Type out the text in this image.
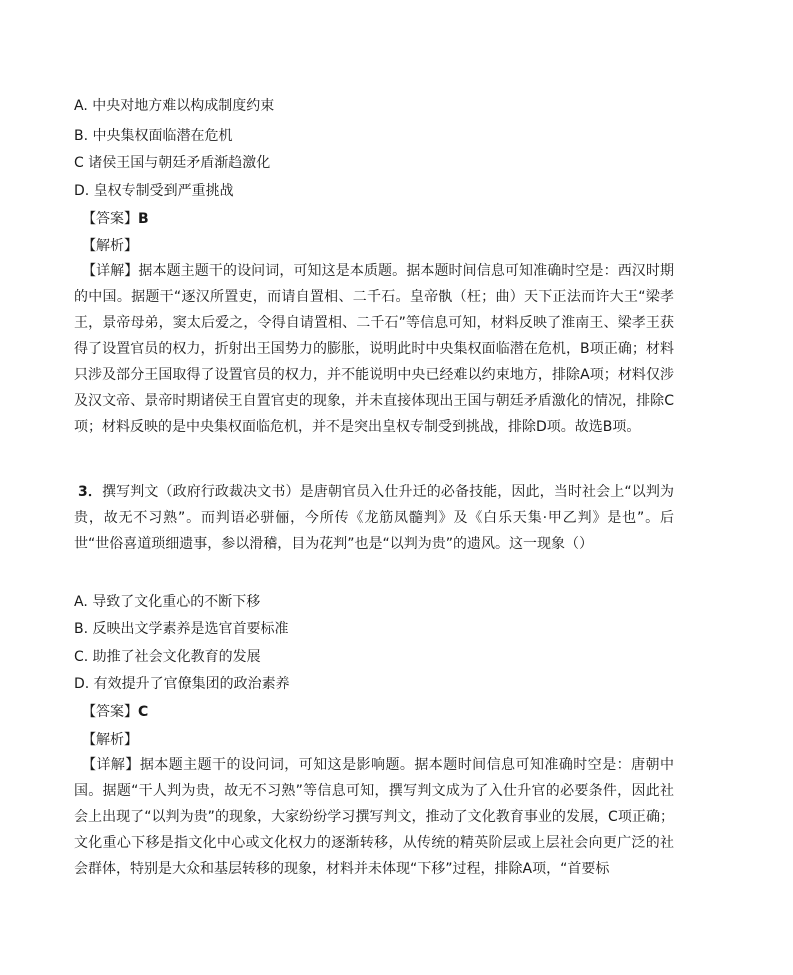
A. 中央对地方难以构成制度约束

B. 中央集权面临潜在危机

C 诸侯王国与朝廷矛盾渐趋激化

D. 皇权专制受到严重挑战

【答案】B

【解析】

【详解】据本题主题干的设问词，可知这是本质题。据本题时间信息可知准确时空是：西汉时期的中国。据题干“逐汉所置吏，而请自置相、二千石。皇帝骫（枉；曲）天下正法而许大王“梁孝王，景帝母弟，窦太后爱之，令得自请置相、二千石”等信息可知，材料反映了淮南王、梁孝王获得了设置官员的权力，折射出王国势力的膨胀，说明此时中央集权面临潜在危机，B项正确；材料只涉及部分王国取得了设置官员的权力，并不能说明中央已经难以约束地方，排除A项；材料仅涉及汉文帝、景帝时期诸侯王自置官吏的现象，并未直接体现出王国与朝廷矛盾激化的情况，排除C项；材料反映的是中央集权面临危机，并不是突出皇权专制受到挑战，排除D项。故选B项。

3．撰写判文（政府行政裁决文书）是唐朝官员入仕升迁的必备技能，因此，当时社会上“以判为贵，故无不习熟”。而判语必骈俪，今所传《龙筋凤髓判》及《白乐天集·甲乙判》是也”。后世“世俗喜道琐细遗事，参以滑稽，目为花判”也是“以判为贵”的遗风。这一现象（）

A. 导致了文化重心的不断下移

B. 反映出文学素养是选官首要标准

C. 助推了社会文化教育的发展

D. 有效提升了官僚集团的政治素养

【答案】C

【解析】

【详解】据本题主题干的设问词，可知这是影响题。据本题时间信息可知准确时空是：唐朝中国。据题“干人判为贵，故无不习熟”等信息可知，撰写判文成为了入仕升官的必要条件，因此社会上出现了“以判为贵”的现象，大家纷纷学习撰写判文，推动了文化教育事业的发展，C项正确；文化重心下移是指文化中心或文化权力的逐渐转移，从传统的精英阶层或上层社会向更广泛的社会群体，特别是大众和基层转移的现象，材料并未体现“下移”过程，排除A项，“首要标
